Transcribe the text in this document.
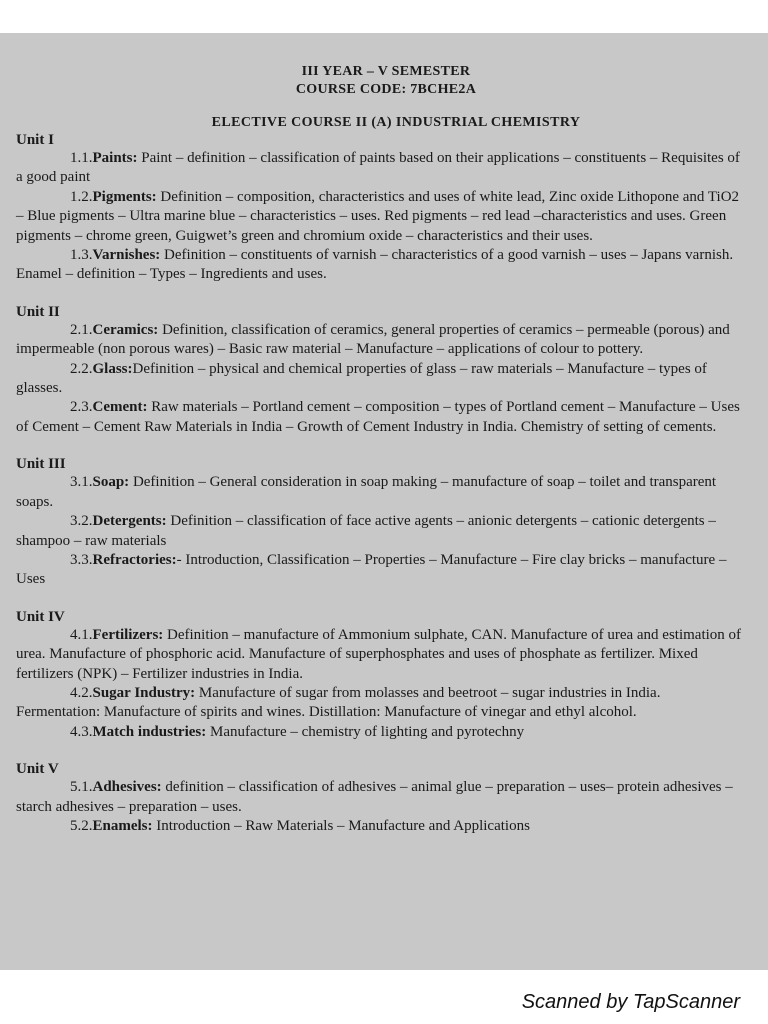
III YEAR – V SEMESTER
COURSE CODE: 7BCHE2A
ELECTIVE COURSE II (A) INDUSTRIAL CHEMISTRY
Unit I

1.1.Paints: Paint – definition – classification of paints based on their applications – constituents – Requisites of a good paint

1.2.Pigments: Definition – composition, characteristics and uses of white lead, Zinc oxide Lithopone and TiO2 – Blue pigments – Ultra marine blue – characteristics – uses. Red pigments – red lead –characteristics and uses. Green pigments – chrome green, Guigwet’s green and chromium oxide – characteristics and their uses.

1.3.Varnishes: Definition – constituents of varnish – characteristics of a good varnish – uses – Japans varnish. Enamel – definition – Types – Ingredients and uses.

Unit II

2.1.Ceramics: Definition, classification of ceramics, general properties of ceramics – permeable (porous) and impermeable (non porous wares) – Basic raw material – Manufacture – applications of colour to pottery.

2.2.Glass:Definition – physical and chemical properties of glass – raw materials – Manufacture – types of glasses.

2.3.Cement: Raw materials – Portland cement – composition – types of Portland cement – Manufacture – Uses of Cement – Cement Raw Materials in India – Growth of Cement Industry in India. Chemistry of setting of cements.

Unit III

3.1.Soap: Definition – General consideration in soap making – manufacture of soap – toilet and transparent soaps.

3.2.Detergents: Definition – classification of face active agents – anionic detergents – cationic detergents – shampoo – raw materials

3.3.Refractories:- Introduction, Classification – Properties – Manufacture – Fire clay bricks – manufacture – Uses

Unit IV

4.1.Fertilizers: Definition – manufacture of Ammonium sulphate, CAN. Manufacture of urea and estimation of urea. Manufacture of phosphoric acid. Manufacture of superphosphates and uses of phosphate as fertilizer. Mixed fertilizers (NPK) – Fertilizer industries in India.

4.2.Sugar Industry: Manufacture of sugar from molasses and beetroot – sugar industries in India. Fermentation: Manufacture of spirits and wines. Distillation: Manufacture of vinegar and ethyl alcohol.

4.3.Match industries: Manufacture – chemistry of lighting and pyrotechny

Unit V

5.1.Adhesives: definition – classification of adhesives – animal glue – preparation – uses– protein adhesives – starch adhesives – preparation – uses.

5.2.Enamels: Introduction – Raw Materials – Manufacture and Applications

Scanned by TapScanner
